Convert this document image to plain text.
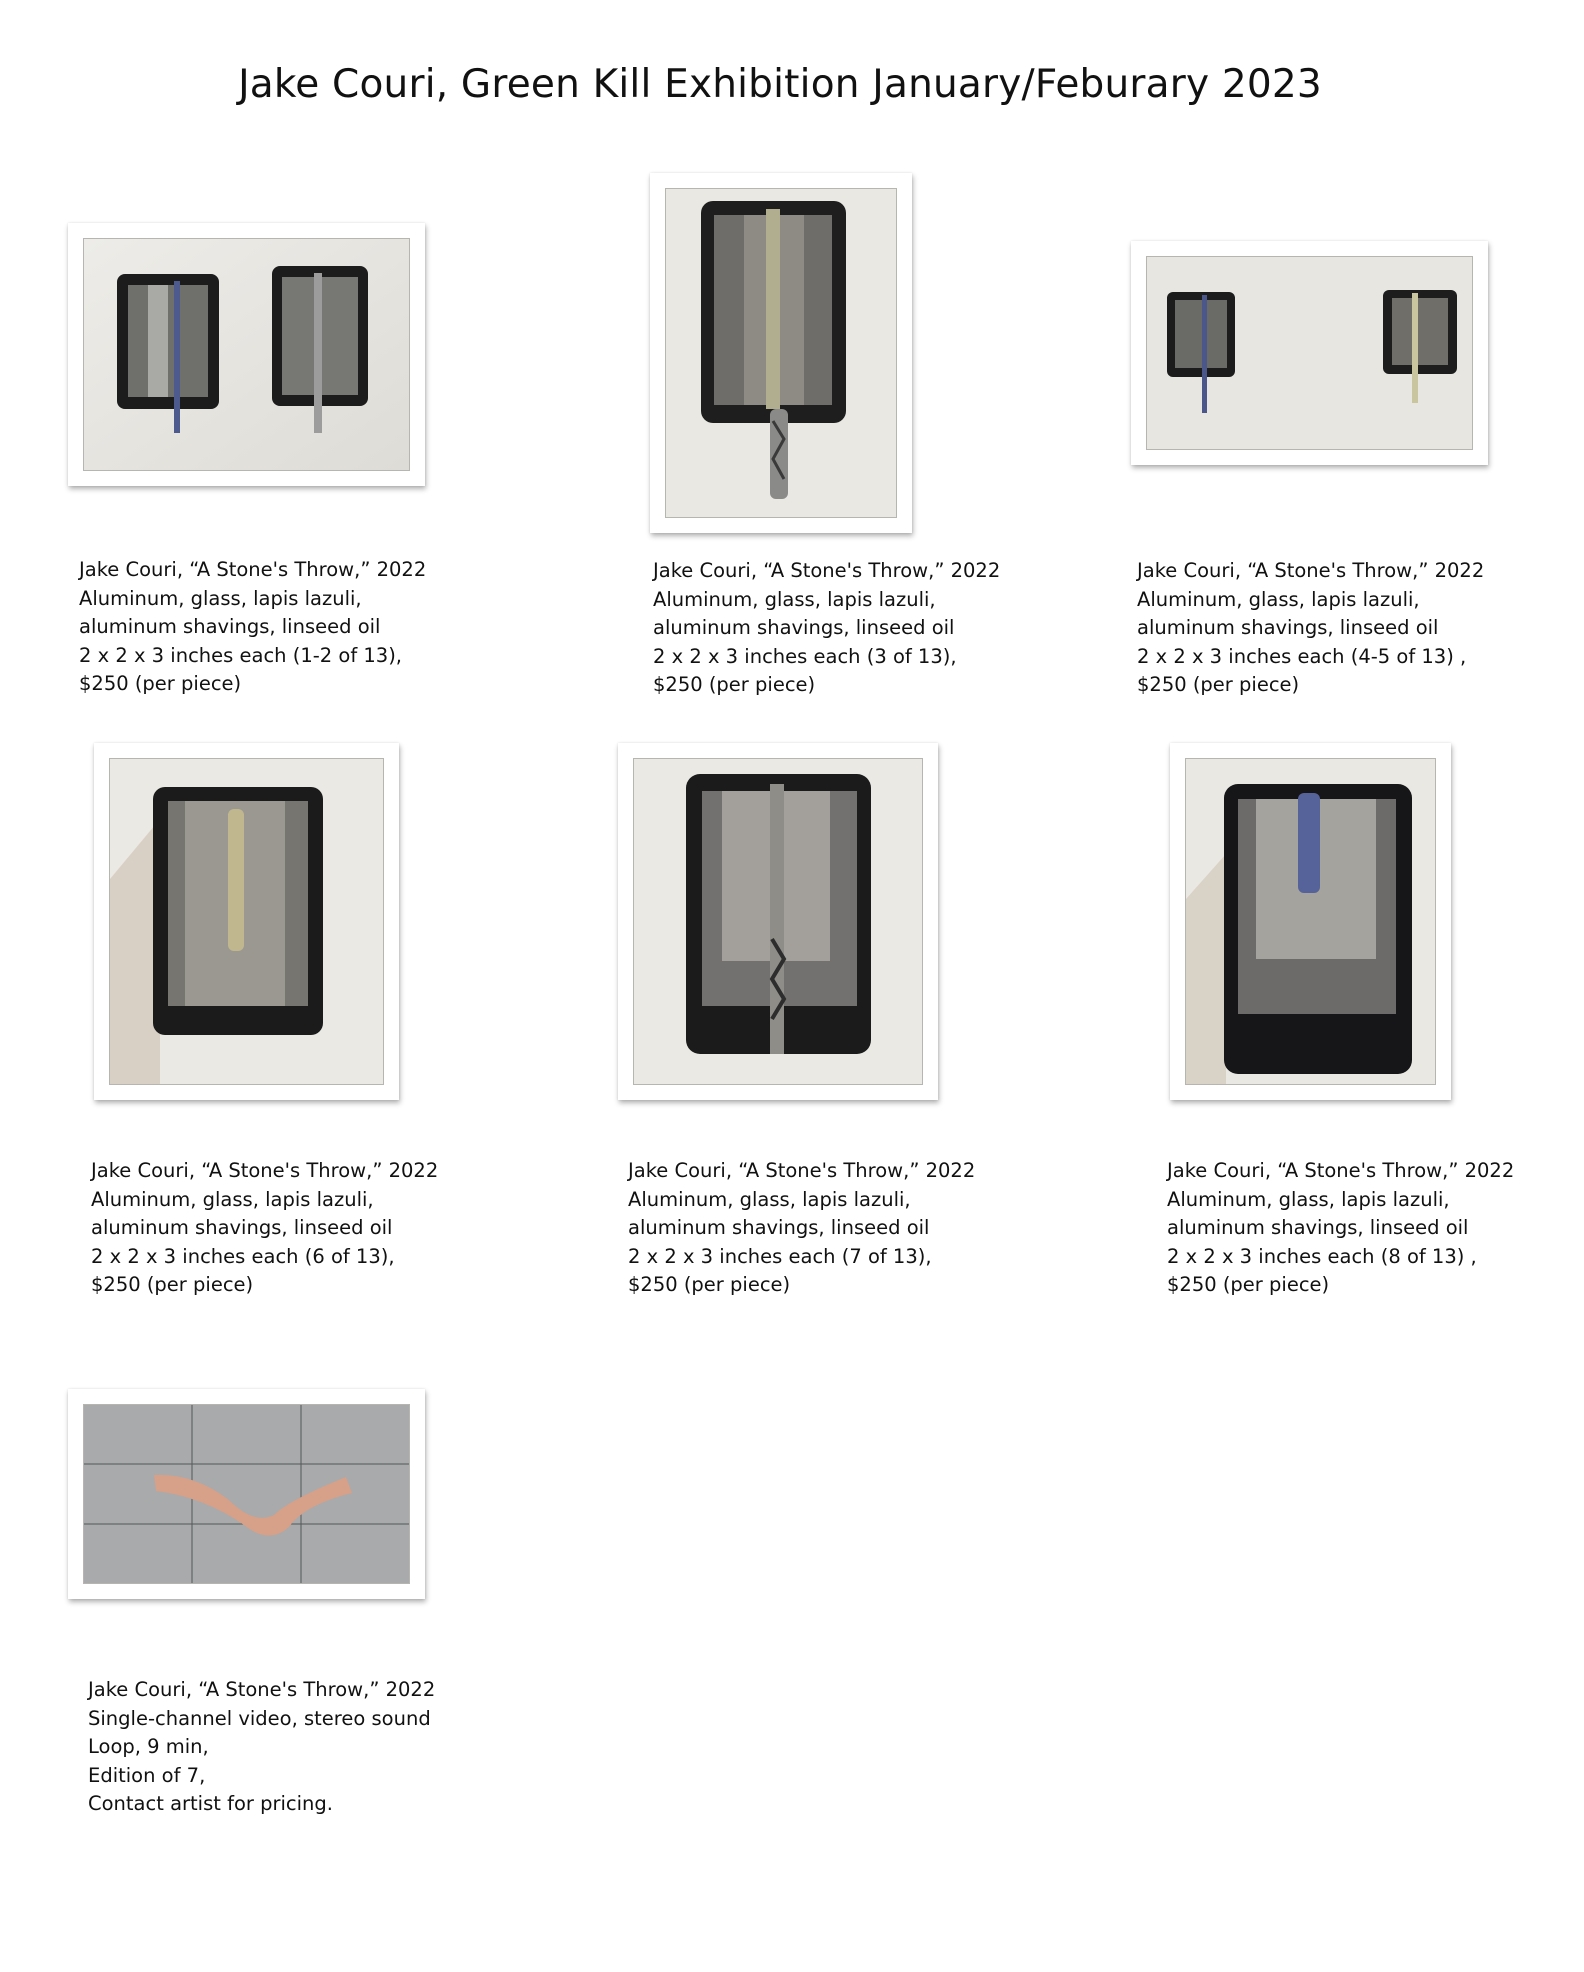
Jake Couri, Green Kill Exhibition January/Feburary 2023
Jake Couri, “A Stone's Throw,” 2022
Aluminum, glass, lapis lazuli,
aluminum shavings, linseed oil
2 x 2 x 3 inches each (1-2 of 13),
$250 (per piece)
Jake Couri, “A Stone's Throw,” 2022
Aluminum, glass, lapis lazuli,
aluminum shavings, linseed oil
2 x 2 x 3 inches each (3 of 13),
$250 (per piece)
Jake Couri, “A Stone's Throw,” 2022
Aluminum, glass, lapis lazuli,
aluminum shavings, linseed oil
2 x 2 x 3 inches each (4-5 of 13) ,
$250 (per piece)
Jake Couri, “A Stone's Throw,” 2022
Aluminum, glass, lapis lazuli,
aluminum shavings, linseed oil
2 x 2 x 3 inches each (6 of 13),
$250 (per piece)
Jake Couri, “A Stone's Throw,” 2022
Aluminum, glass, lapis lazuli,
aluminum shavings, linseed oil
2 x 2 x 3 inches each (7 of 13),
$250 (per piece)
Jake Couri, “A Stone's Throw,” 2022
Aluminum, glass, lapis lazuli,
aluminum shavings, linseed oil
2 x 2 x 3 inches each (8 of 13) ,
$250 (per piece)
Jake Couri, “A Stone's Throw,” 2022
Single-channel video, stereo sound
Loop, 9 min,
Edition of 7,
Contact artist for pricing.
